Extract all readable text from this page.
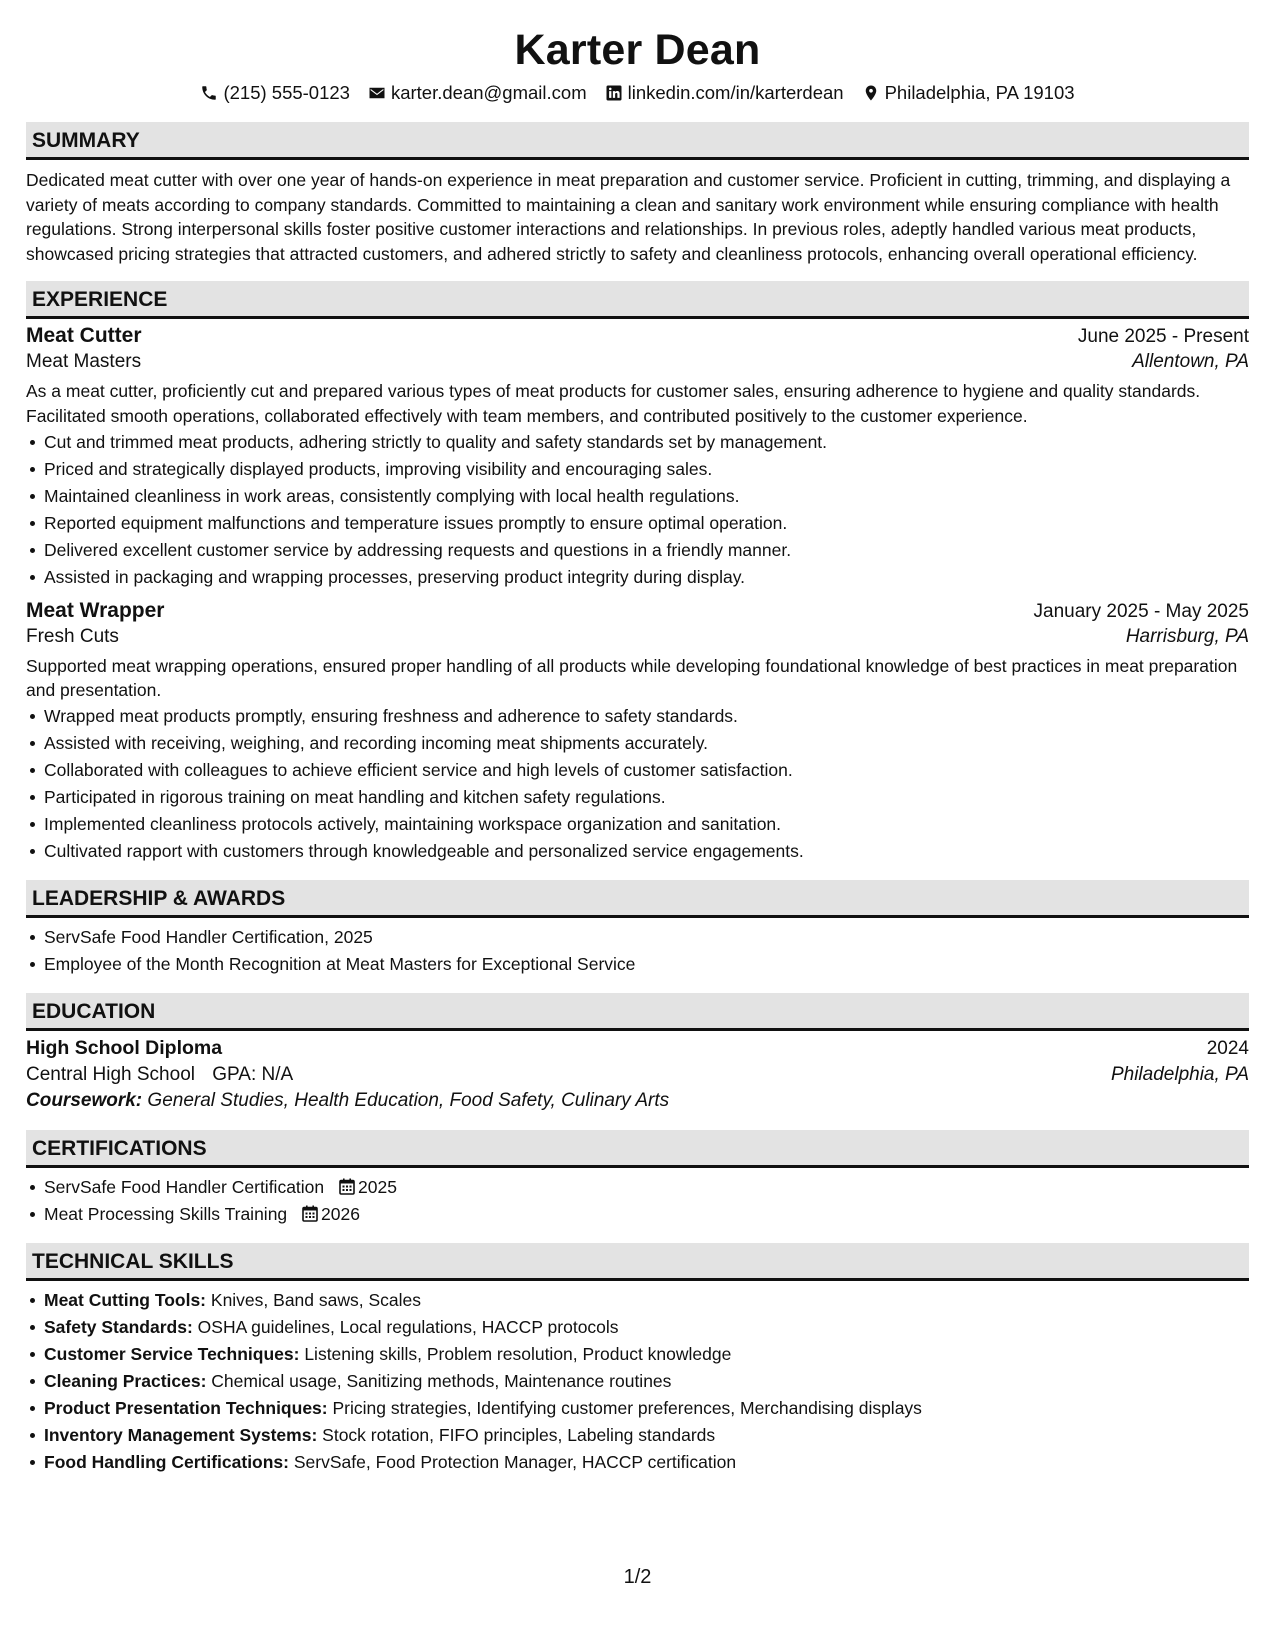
Karter Dean
(215) 555-0123 karter.dean@gmail.com linkedin.com/in/karterdean Philadelphia, PA 19103
SUMMARY
Dedicated meat cutter with over one year of hands-on experience in meat preparation and customer service. Proficient in cutting, trimming, and displaying a variety of meats according to company standards. Committed to maintaining a clean and sanitary work environment while ensuring compliance with health regulations. Strong interpersonal skills foster positive customer interactions and relationships. In previous roles, adeptly handled various meat products, showcased pricing strategies that attracted customers, and adhered strictly to safety and cleanliness protocols, enhancing overall operational efficiency.
EXPERIENCE
Meat Cutter	June 2025 - Present
Meat Masters	Allentown, PA
As a meat cutter, proficiently cut and prepared various types of meat products for customer sales, ensuring adherence to hygiene and quality standards. Facilitated smooth operations, collaborated effectively with team members, and contributed positively to the customer experience.
Cut and trimmed meat products, adhering strictly to quality and safety standards set by management.
Priced and strategically displayed products, improving visibility and encouraging sales.
Maintained cleanliness in work areas, consistently complying with local health regulations.
Reported equipment malfunctions and temperature issues promptly to ensure optimal operation.
Delivered excellent customer service by addressing requests and questions in a friendly manner.
Assisted in packaging and wrapping processes, preserving product integrity during display.
Meat Wrapper	January 2025 - May 2025
Fresh Cuts	Harrisburg, PA
Supported meat wrapping operations, ensured proper handling of all products while developing foundational knowledge of best practices in meat preparation and presentation.
Wrapped meat products promptly, ensuring freshness and adherence to safety standards.
Assisted with receiving, weighing, and recording incoming meat shipments accurately.
Collaborated with colleagues to achieve efficient service and high levels of customer satisfaction.
Participated in rigorous training on meat handling and kitchen safety regulations.
Implemented cleanliness protocols actively, maintaining workspace organization and sanitation.
Cultivated rapport with customers through knowledgeable and personalized service engagements.
LEADERSHIP & AWARDS
ServSafe Food Handler Certification, 2025
Employee of the Month Recognition at Meat Masters for Exceptional Service
EDUCATION
High School Diploma	2024
Central High School GPA: N/A	Philadelphia, PA
Coursework: General Studies, Health Education, Food Safety, Culinary Arts
CERTIFICATIONS
ServSafe Food Handler Certification 2025
Meat Processing Skills Training 2026
TECHNICAL SKILLS
Meat Cutting Tools: Knives, Band saws, Scales
Safety Standards: OSHA guidelines, Local regulations, HACCP protocols
Customer Service Techniques: Listening skills, Problem resolution, Product knowledge
Cleaning Practices: Chemical usage, Sanitizing methods, Maintenance routines
Product Presentation Techniques: Pricing strategies, Identifying customer preferences, Merchandising displays
Inventory Management Systems: Stock rotation, FIFO principles, Labeling standards
Food Handling Certifications: ServSafe, Food Protection Manager, HACCP certification
1/2
